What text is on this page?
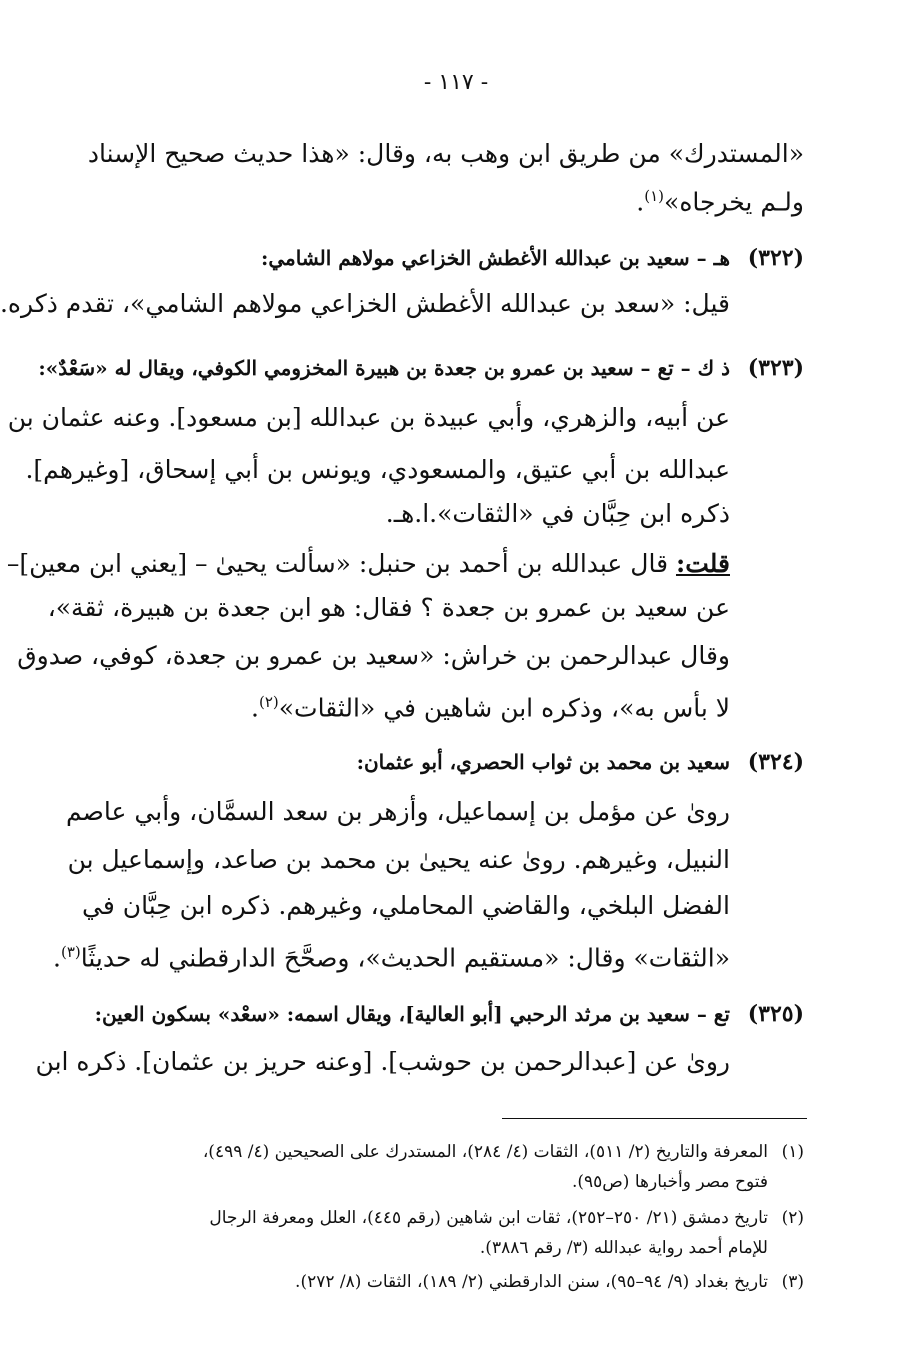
- ١١٧ -
«المستدرك» من طريق ابن وهب به، وقال: «هذا حديث صحيح الإسناد
ولـم يخرجاه»$^{(١)}$.
(٣٢٢)هـ – سعيد بن عبدالله الأغطش الخزاعي مولاهم الشامي:
قيل: «سعد بن عبدالله الأغطش الخزاعي مولاهم الشامي»، تقدم ذكره.
(٣٢٣)ذ ك – تع – سعيد بن عمرو بن جعدة بن هبيرة المخزومي الكوفي، ويقال له «سَعْدٌ»:
عن أبيه، والزهري، وأبي عبيدة بن عبدالله [بن مسعود]. وعنه عثمان بن
عبدالله بن أبي عتيق، والمسعودي، ويونس بن أبي إسحاق، [وغيرهم].
ذكره ابن حِبَّان في «الثقات».ا.هـ.
قلت: قال عبدالله بن أحمد بن حنبل: «سألت يحيىٰ – [يعني ابن معين]–
عن سعيد بن عمرو بن جعدة ؟ فقال: هو ابن جعدة بن هبيرة، ثقة»،
وقال عبدالرحمن بن خراش: «سعيد بن عمرو بن جعدة، كوفي، صدوق
لا بأس به»، وذكره ابن شاهين في «الثقات»$^{(٢)}$.
(٣٢٤)سعيد بن محمد بن ثواب الحصري، أبو عثمان:
روىٰ عن مؤمل بن إسماعيل، وأزهر بن سعد السمَّان، وأبي عاصم
النبيل، وغيرهم. روىٰ عنه يحيىٰ بن محمد بن صاعد، وإسماعيل بن
الفضل البلخي، والقاضي المحاملي، وغيرهم. ذكره ابن حِبَّان في
«الثقات» وقال: «مستقيم الحديث»، وصحَّحَ الدارقطني له حديثًا$^{(٣)}$.
(٣٢٥)تع – سعيد بن مرثد الرحبي [أبو العالية]، ويقال اسمه: «سعْد» بسكون العين:
روىٰ عن [عبدالرحمن بن حوشب]. [وعنه حريز بن عثمان]. ذكره ابن
(١)المعرفة والتاريخ (٢/ ٥١١)، الثقات (٤/ ٢٨٤)، المستدرك على الصحيحين (٤/ ٤٩٩)،
فتوح مصر وأخبارها (ص٩٥).
(٢)تاريخ دمشق (٢١/ ٢٥٠–٢٥٢)، ثقات ابن شاهين (رقم ٤٤٥)، العلل ومعرفة الرجال
للإمام أحمد رواية عبدالله (٣/ رقم ٣٨٨٦).
(٣)تاريخ بغداد (٩/ ٩٤–٩٥)، سنن الدارقطني (٢/ ١٨٩)، الثقات (٨/ ٢٧٢).
